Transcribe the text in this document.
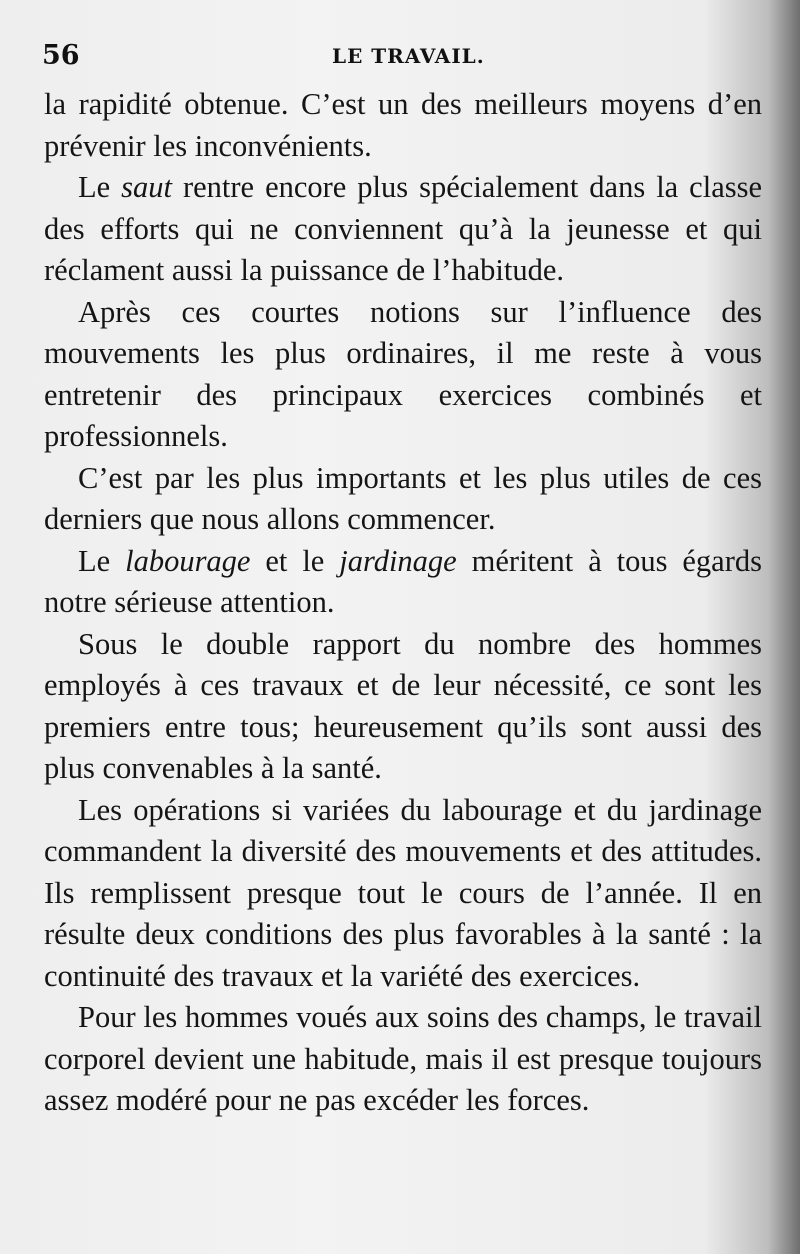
56	LE TRAVAIL.

la rapidité obtenue. C’est un des meilleurs moyens d’en prévenir les inconvénients.

Le saut rentre encore plus spécialement dans la classe des efforts qui ne conviennent qu’à la jeunesse et qui réclament aussi la puissance de l’habitude.

Après ces courtes notions sur l’influence des mouvements les plus ordinaires, il me reste à vous entretenir des principaux exercices combinés et professionnels.

C’est par les plus importants et les plus utiles de ces derniers que nous allons commencer.

Le labourage et le jardinage méritent à tous égards notre sérieuse attention.

Sous le double rapport du nombre des hommes employés à ces travaux et de leur nécessité, ce sont les premiers entre tous; heureusement qu’ils sont aussi des plus convenables à la santé.

Les opérations si variées du labourage et du jardinage commandent la diversité des mouvements et des attitudes. Ils remplissent presque tout le cours de l’année. Il en résulte deux conditions des plus favorables à la santé : la continuité des travaux et la variété des exercices.

Pour les hommes voués aux soins des champs, le travail corporel devient une habitude, mais il est presque toujours assez modéré pour ne pas excéder les forces.
